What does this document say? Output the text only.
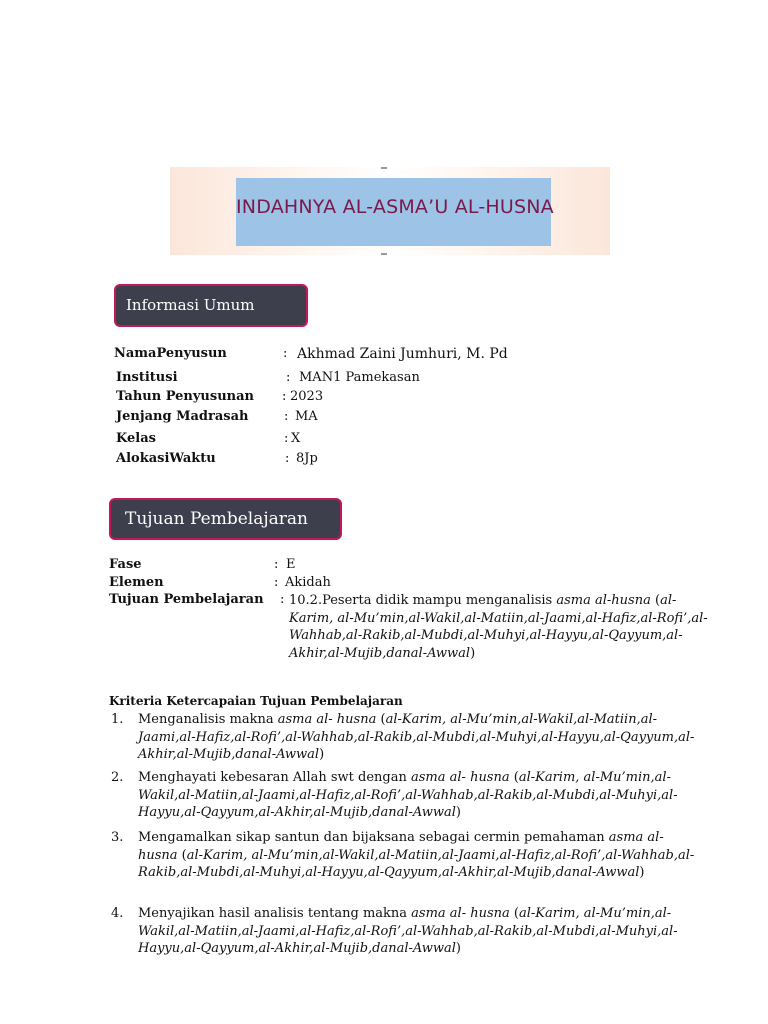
INDAHNYA AL-ASMA’U AL-HUSNA
Informasi Umum
NamaPenyusun	: Akhmad Zaini Jumhuri, M. Pd
Institusi	: MAN1 Pamekasan
Tahun Penyusunan : 2023
Jenjang Madrasah	: MA
Kelas	: X
AlokasiWaktu	: 8Jp
Tujuan Pembelajaran
Fase	: E
Elemen	: Akidah
Tujuan Pembelajaran : 10.2.Peserta didik mampu menganalisis asma al-husna (al-Karim, al-Mu’min,al-Wakil,al-Matiin,al-Jaami,al-Hafiz,al-Rofi’,al-Wahhab,al-Rakib,al-Mubdi,al-Muhyi,al-Hayyu,al-Qayyum,al-Akhir,al-Mujib,danal-Awwal)
Kriteria Ketercapaian Tujuan Pembelajaran
1. Menganalisis makna asma al- husna (al-Karim, al-Mu’min,al-Wakil,al-Matiin,al-Jaami,al-Hafiz,al-Rofi’,al-Wahhab,al-Rakib,al-Mubdi,al-Muhyi,al-Hayyu,al-Qayyum,al-Akhir,al-Mujib,danal-Awwal)
2. Menghayati kebesaran Allah swt dengan asma al- husna (al-Karim, al-Mu’min,al-Wakil,al-Matiin,al-Jaami,al-Hafiz,al-Rofi’,al-Wahhab,al-Rakib,al-Mubdi,al-Muhyi,al-Hayyu,al-Qayyum,al-Akhir,al-Mujib,danal-Awwal)
3. Mengamalkan sikap santun dan bijaksana sebagai cermin pemahaman asma al-husna (al-Karim, al-Mu’min,al-Wakil,al-Matiin,al-Jaami,al-Hafiz,al-Rofi’,al-Wahhab,al-Rakib,al-Mubdi,al-Muhyi,al-Hayyu,al-Qayyum,al-Akhir,al-Mujib,danal-Awwal)
4. Menyajikan hasil analisis tentang makna asma al- husna (al-Karim, al-Mu’min,al-Wakil,al-Matiin,al-Jaami,al-Hafiz,al-Rofi’,al-Wahhab,al-Rakib,al-Mubdi,al-Muhyi,al-Hayyu,al-Qayyum,al-Akhir,al-Mujib,danal-Awwal)
